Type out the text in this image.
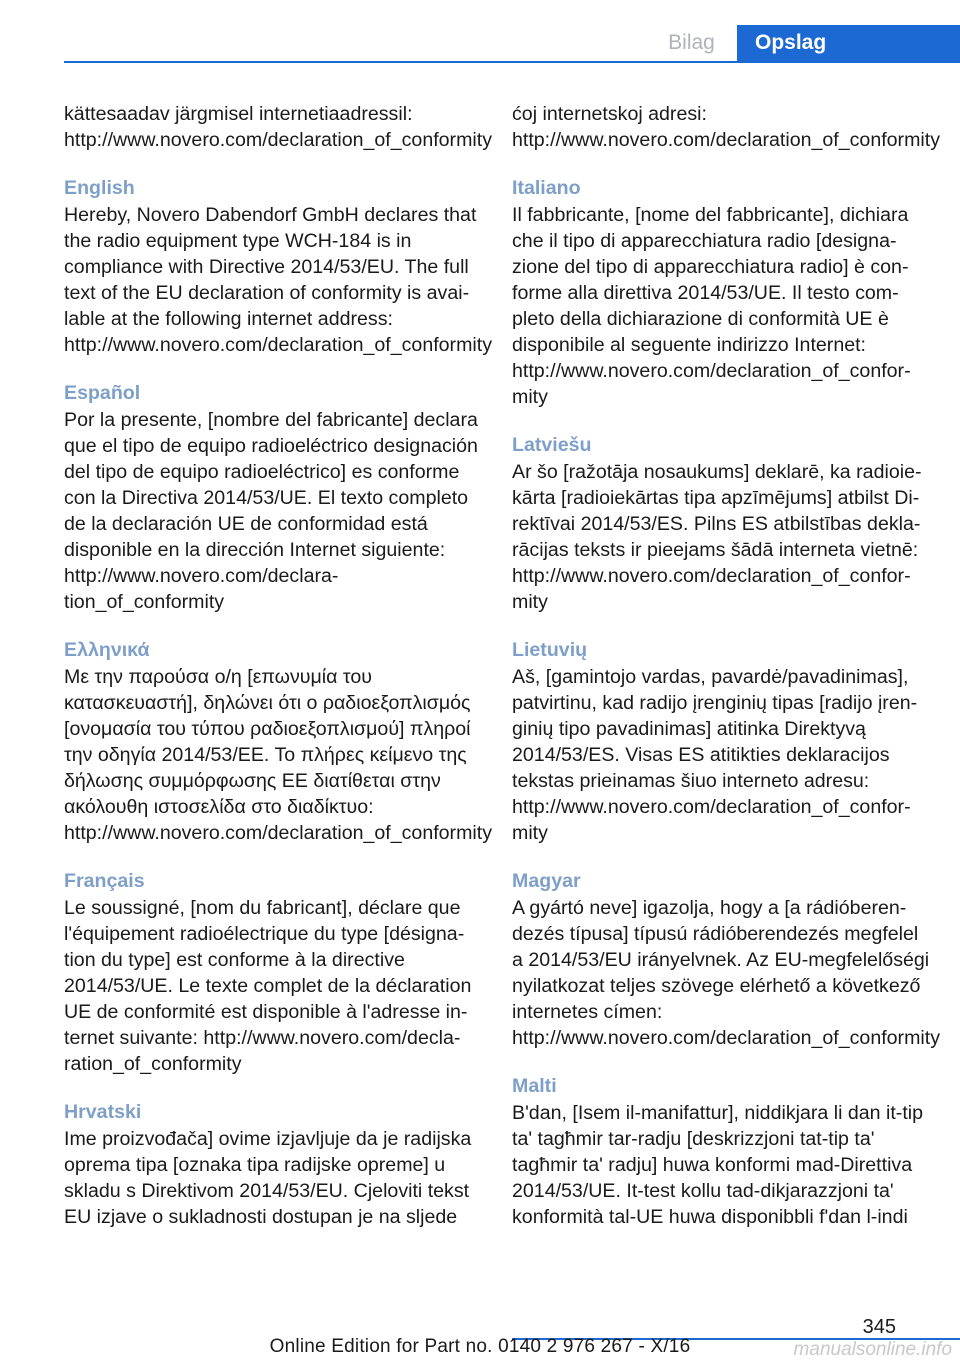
Bilag	Opslag

kättesaadav järgmisel internetiaadressil: http://www.novero.com/declaration_of_conformity

English

Hereby, Novero Dabendorf GmbH declares that the radio equipment type WCH-184 is in compliance with Directive 2014/53/EU. The full text of the EU declaration of conformity is available at the following internet address: http://www.novero.com/declaration_of_conformity

Español

Por la presente, [nombre del fabricante] declara que el tipo de equipo radioeléctrico designación del tipo de equipo radioeléctrico] es conforme con la Directiva 2014/53/UE. El texto completo de la declaración UE de conformidad está disponible en la dirección Internet siguiente: http://www.novero.com/declaration_of_conformity

Ελληνικά

Με την παρούσα ο/η [επωνυμία του κατασκευαστή], δηλώνει ότι ο ραδιοεξοπλισμός [ονομασία του τύπου ραδιοεξοπλισμού] πληροί την οδηγία 2014/53/ΕΕ. Το πλήρες κείμενο της δήλωσης συμμόρφωσης ΕΕ διατίθεται στην ακόλουθη ιστοσελίδα στο διαδίκτυο: http://www.novero.com/declaration_of_conformity

Français

Le soussigné, [nom du fabricant], déclare que l'équipement radioélectrique du type [désignation du type] est conforme à la directive 2014/53/UE. Le texte complet de la déclaration UE de conformité est disponible à l'adresse internet suivante: http://www.novero.com/declaration_of_conformity

Hrvatski

Ime proizvođača] ovime izjavljuje da je radijska oprema tipa [oznaka tipa radijske opreme] u skladu s Direktivom 2014/53/EU. Cjeloviti tekst EU izjave o sukladnosti dostupan je na sljede

ćoj internetskoj adresi: http://www.novero.com/declaration_of_conformity

Italiano

Il fabbricante, [nome del fabbricante], dichiara che il tipo di apparecchiatura radio [designazione del tipo di apparecchiatura radio] è conforme alla direttiva 2014/53/UE. Il testo completo della dichiarazione di conformità UE è disponibile al seguente indirizzo Internet: http://www.novero.com/declaration_of_conformity

Latviešu

Ar šo [ražotāja nosaukums] deklarē, ka radioiekārta [radioiekārtas tipa apzīmējums] atbilst Direktīvai 2014/53/ES. Pilns ES atbilstības deklarācijas teksts ir pieejams šādā interneta vietnē: http://www.novero.com/declaration_of_conformity

Lietuvių

Aš, [gamintojo vardas, pavardė/pavadinimas], patvirtinu, kad radijo įrenginių tipas [radijo įrenginių tipo pavadinimas] atitinka Direktyvą 2014/53/ES. Visas ES atitikties deklaracijos tekstas prieinamas šiuo interneto adresu: http://www.novero.com/declaration_of_conformity

Magyar

A gyártó neve] igazolja, hogy a [a rádióberendezés típusa] típusú rádióberendezés megfelel a 2014/53/EU irányelvnek. Az EU-megfelelőségi nyilatkozat teljes szövege elérhető a következő internetes címen: http://www.novero.com/declaration_of_conformity

Malti

B'dan, [Isem il-manifattur], niddikjara li dan it-tip ta' tagħmir tar-radju [deskrizzjoni tat-tip ta' tagħmir ta' radju] huwa konformi mad-Direttiva 2014/53/UE. It-test kollu tad-dikjarazzjoni ta' konformità tal-UE huwa disponibbli f'dan l-indi

345
Online Edition for Part no. 0140 2 976 267 - X/16	manualsonline.info
